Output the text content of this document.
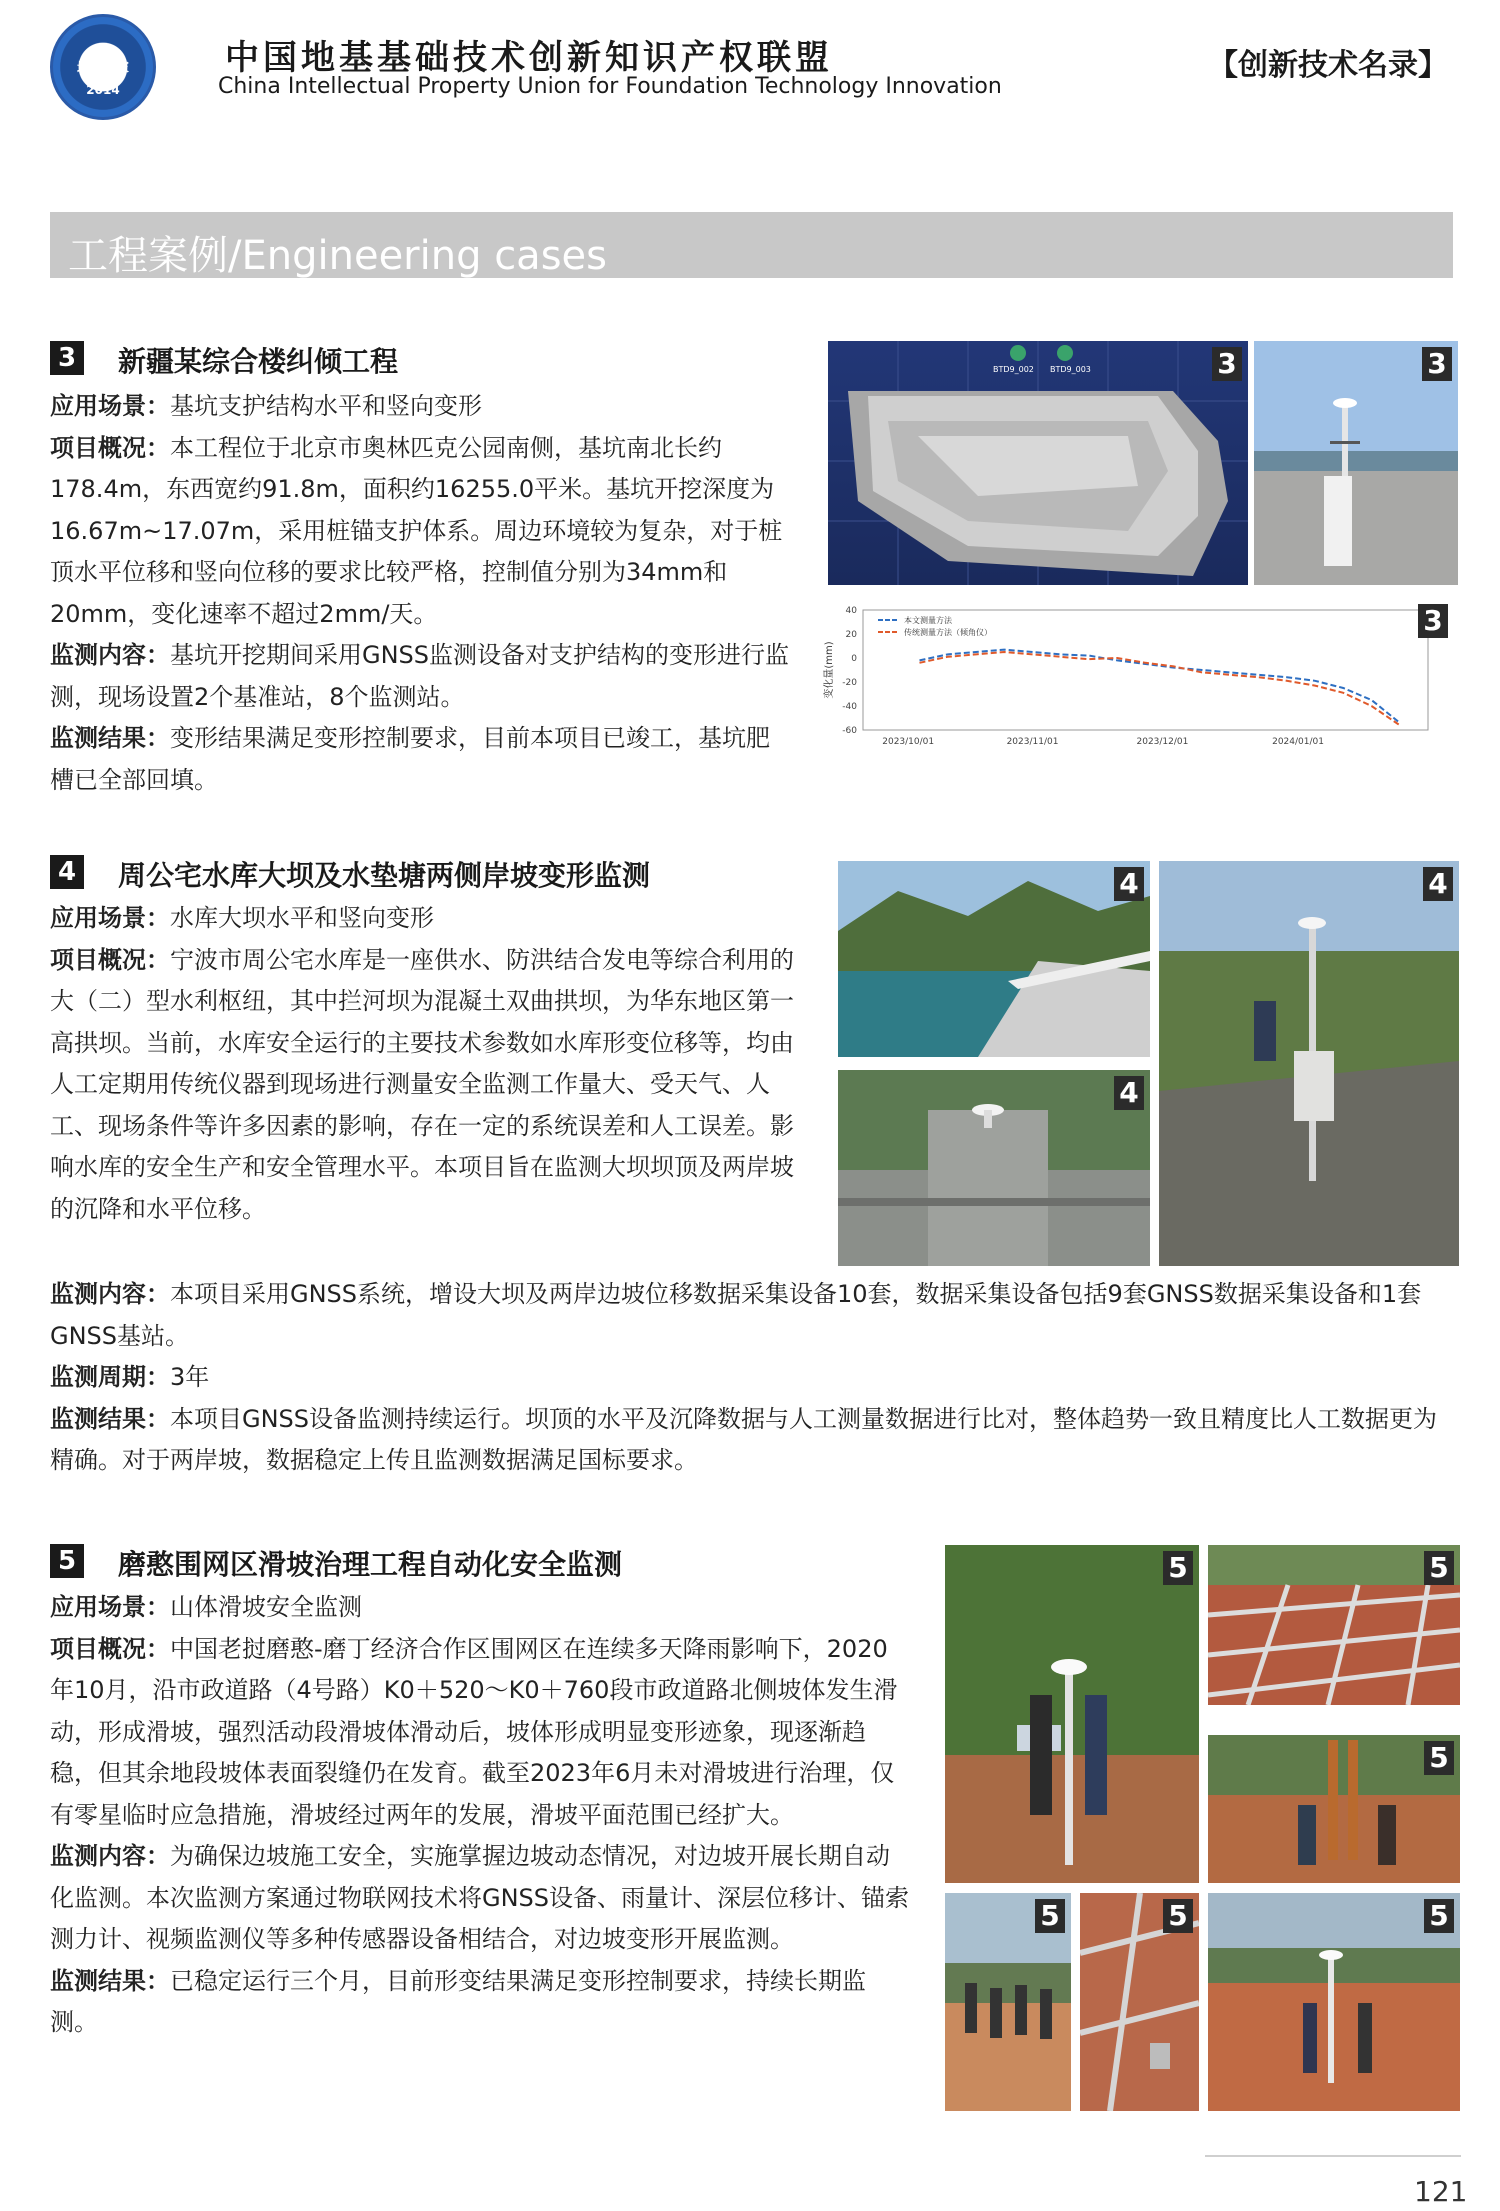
地基管家
2014
中国地基基础技术创新知识产权联盟
China Intellectual Property Union for Foundation Technology Innovation
【创新技术名录】
工程案例/Engineering cases
3 新疆某综合楼纠倾工程

应用场景：基坑支护结构水平和竖向变形

项目概况：本工程位于北京市奥林匹克公园南侧，基坑南北长约178.4m，东西宽约91.8m，面积约16255.0平米。基坑开挖深度为16.67m~17.07m，采用桩锚支护体系。周边环境较为复杂，对于桩顶水平位移和竖向位移的要求比较严格，控制值分别为34mm和20mm，变化速率不超过2mm/天。

监测内容：基坑开挖期间采用GNSS监测设备对支护结构的变形进行监测，现场设置2个基准站，8个监测站。

监测结果：变形结果满足变形控制要求，目前本项目已竣工，基坑肥槽已全部回填。

BTD9_002 BTD9_003	3	3
变化量(mm)
40
20
0
-20
-40
-60
2023/10/01	2023/11/01	2023/12/01	2024/01/01
本文测量方法
传统测量方法（倾角仪）	3
4 周公宅水库大坝及水垫塘两侧岸坡变形监测

应用场景：水库大坝水平和竖向变形

项目概况：宁波市周公宅水库是一座供水、防洪结合发电等综合利用的大（二）型水利枢纽，其中拦河坝为混凝土双曲拱坝，为华东地区第一高拱坝。当前，水库安全运行的主要技术参数如水库形变位移等，均由人工定期用传统仪器到现场进行测量安全监测工作量大、受天气、人工、现场条件等许多因素的影响，存在一定的系统误差和人工误差。影响水库的安全生产和安全管理水平。本项目旨在监测大坝坝顶及两岸坡的沉降和水平位移。

监测内容：本项目采用GNSS系统，增设大坝及两岸边坡位移数据采集设备10套，数据采集设备包括9套GNSS数据采集设备和1套GNSS基站。

监测周期：3年

监测结果：本项目GNSS设备监测持续运行。坝顶的水平及沉降数据与人工测量数据进行比对，整体趋势一致且精度比人工数据更为精确。对于两岸坡，数据稳定上传且监测数据满足国标要求。

4
4
4
5 磨憨围网区滑坡治理工程自动化安全监测

应用场景：山体滑坡安全监测

项目概况：中国老挝磨憨-磨丁经济合作区围网区在连续多天降雨影响下，2020年10月，沿市政道路（4号路）K0＋520～K0＋760段市政道路北侧坡体发生滑动，形成滑坡，强烈活动段滑坡体滑动后，坡体形成明显变形迹象，现逐渐趋稳，但其余地段坡体表面裂缝仍在发育。截至2023年6月未对滑坡进行治理，仅有零星临时应急措施，滑坡经过两年的发展，滑坡平面范围已经扩大。

监测内容：为确保边坡施工安全，实施掌握边坡动态情况，对边坡开展长期自动化监测。本次监测方案通过物联网技术将GNSS设备、雨量计、深层位移计、锚索测力计、视频监测仪等多种传感器设备相结合，对边坡变形开展监测。

监测结果：已稳定运行三个月，目前形变结果满足变形控制要求，持续长期监测。

5	5
5
5	5	5
121
